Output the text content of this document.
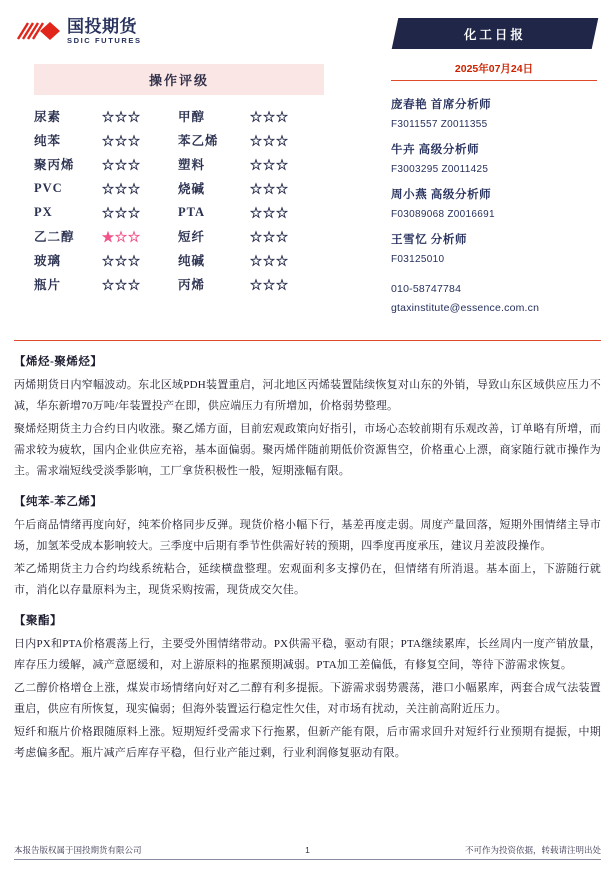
国投期货
SDIC FUTURES
操作评级
尿素	☆☆☆	甲醇	☆☆☆
纯苯	☆☆☆	苯乙烯	☆☆☆
聚丙烯	☆☆☆	塑料	☆☆☆
PVC	☆☆☆	烧碱	☆☆☆
PX	☆☆☆	PTA	☆☆☆
乙二醇	★☆☆	短纤	☆☆☆
玻璃	☆☆☆	纯碱	☆☆☆
瓶片	☆☆☆	丙烯	☆☆☆
化工日报
2025年07月24日
庞春艳 首席分析师
F3011557 Z0011355
牛卉 高级分析师
F3003295 Z0011425
周小燕 高级分析师
F03089068 Z0016691
王雪忆 分析师
F03125010
010-58747784
gtaxinstitute@essence.com.cn
【烯烃-聚烯烃】

丙烯期货日内窄幅波动。东北区域PDH装置重启，河北地区丙烯装置陆续恢复对山东的外销，导致山东区域供应压力不减，华东新增70万吨/年装置投产在即，供应端压力有所增加，价格弱势整理。

聚烯烃期货主力合约日内收涨。聚乙烯方面，目前宏观政策向好指引，市场心态较前期有乐观改善，订单略有所增，而需求较为疲软，国内企业供应充裕，基本面偏弱。聚丙烯伴随前期低价资源售空，价格重心上漂，商家随行就市操作为主。需求端短线受淡季影响，工厂拿货积极性一般，短期涨幅有限。

【纯苯-苯乙烯】

午后商品情绪再度向好，纯苯价格同步反弹。现货价格小幅下行，基差再度走弱。周度产量回落，短期外围情绪主导市场，加氢苯受成本影响较大。三季度中后期有季节性供需好转的预期，四季度再度承压，建议月差波段操作。

苯乙烯期货主力合约均线系统粘合，延续横盘整理。宏观面利多支撑仍在，但情绪有所消退。基本面上，下游随行就市，消化以存量原料为主，现货采购按需，现货成交欠佳。

【聚酯】

日内PX和PTA价格震荡上行，主要受外围情绪带动。PX供需平稳，驱动有限；PTA继续累库，长丝周内一度产销放量，库存压力缓解，减产意愿缓和，对上游原料的拖累预期减弱。PTA加工差偏低，有修复空间，等待下游需求恢复。

乙二醇价格增仓上涨，煤炭市场情绪向好对乙二醇有利多提振。下游需求弱势震荡，港口小幅累库，两套合成气法装置重启，供应有所恢复，现实偏弱；但海外装置运行稳定性欠佳，对市场有扰动，关注前高附近压力。

短纤和瓶片价格跟随原料上涨。短期短纤受需求下行拖累，但新产能有限，后市需求回升对短纤行业预期有提振，中期考虑偏多配。瓶片减产后库存平稳，但行业产能过剩，行业利润修复驱动有限。

本报告版权属于国投期货有限公司	1	不可作为投资依据，转载请注明出处
